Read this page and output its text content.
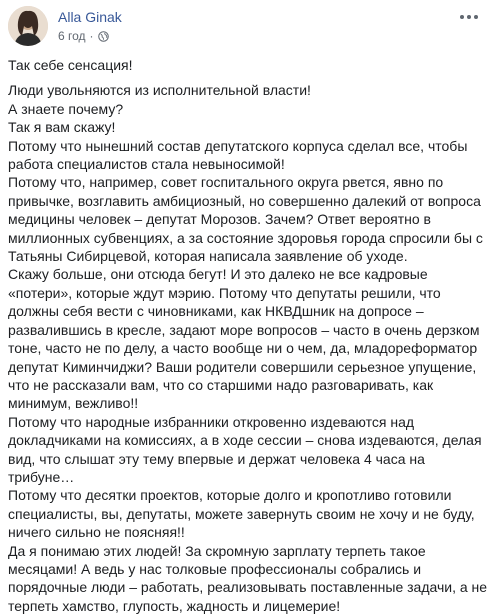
Alla Ginak
6 год ·

Так себе сенсация!

Люди увольняются из исполнительной власти!

А знаете почему?

Так я вам скажу!

Потому что нынешний состав депутатского корпуса сделал все, чтобы

работа специалистов стала невыносимой!

Потому что, например, совет госпитального округа рвется, явно по

привычке, возглавить амбициозный, но совершенно далекий от вопроса

медицины человек – депутат Морозов. Зачем? Ответ вероятно в

миллионных субвенциях, а за состояние здоровья города спросили бы с

Татьяны Сибирцевой, которая написала заявление об уходе.

Скажу больше, они отсюда бегут! И это далеко не все кадровые

«потери», которые ждут мэрию. Потому что депутаты решили, что

должны себя вести с чиновниками, как НКВДшник на допросе –

развалившись в кресле, задают море вопросов – часто в очень дерзком

тоне, часто не по делу, а часто вообще ни о чем, да, младореформатор

депутат Киминчиджи? Ваши родители совершили серьезное упущение,

что не рассказали вам, что со старшими надо разговаривать, как

минимум, вежливо!!

Потому что народные избранники откровенно издеваются над

докладчиками на комиссиях, а в ходе сессии – снова издеваются, делая

вид, что слышат эту тему впервые и держат человека 4 часа на

трибуне…

Потому что десятки проектов, которые долго и кропотливо готовили

специалисты, вы, депутаты, можете завернуть своим не хочу и не буду,

ничего сильно не поясняя!!

Да я понимаю этих людей! За скромную зарплату терпеть такое

месяцами! А ведь у нас толковые профессионалы собрались и

порядочные люди – работать, реализовывать поставленные задачи, а не

терпеть хамство, глупость, жадность и лицемерие!
